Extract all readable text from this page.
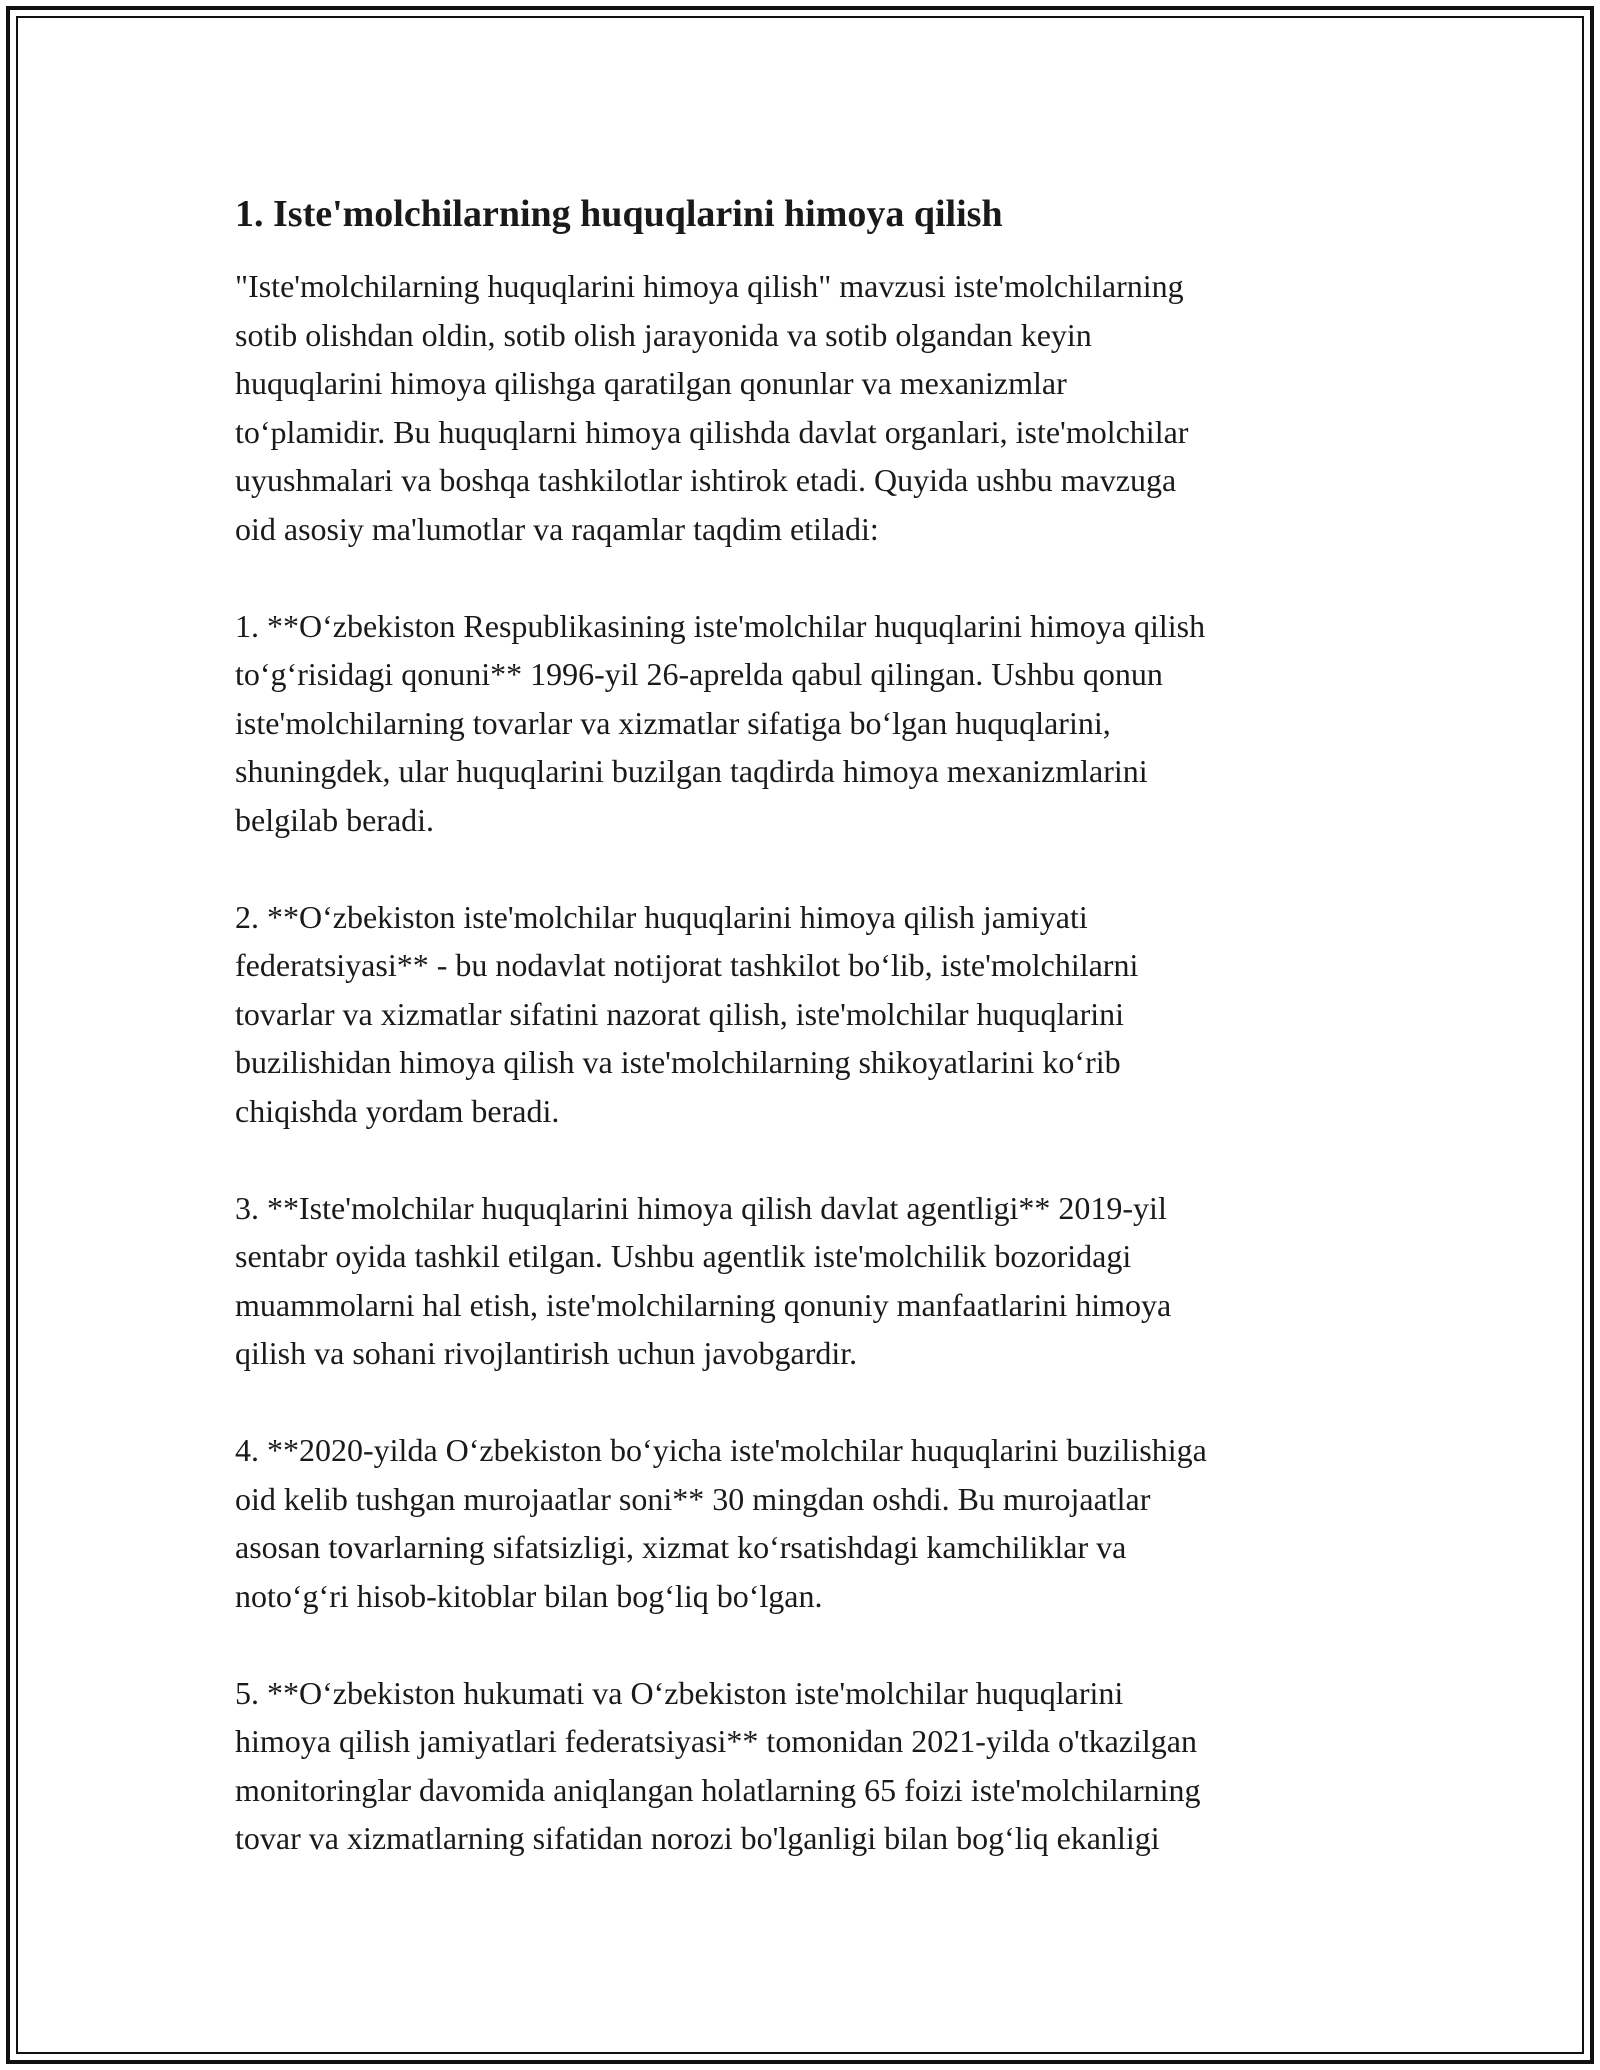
1. Iste'molchilarning huquqlarini himoya qilish
"Iste'molchilarning huquqlarini himoya qilish" mavzusi iste'molchilarning
sotib olishdan oldin, sotib olish jarayonida va sotib olgandan keyin
huquqlarini himoya qilishga qaratilgan qonunlar va mexanizmlar
to‘plamidir. Bu huquqlarni himoya qilishda davlat organlari, iste'molchilar
uyushmalari va boshqa tashkilotlar ishtirok etadi. Quyida ushbu mavzuga
oid asosiy ma'lumotlar va raqamlar taqdim etiladi:
1. **O‘zbekiston Respublikasining iste'molchilar huquqlarini himoya qilish
to‘g‘risidagi qonuni** 1996-yil 26-aprelda qabul qilingan. Ushbu qonun
iste'molchilarning tovarlar va xizmatlar sifatiga bo‘lgan huquqlarini,
shuningdek, ular huquqlarini buzilgan taqdirda himoya mexanizmlarini
belgilab beradi.
2. **O‘zbekiston iste'molchilar huquqlarini himoya qilish jamiyati
federatsiyasi** - bu nodavlat notijorat tashkilot bo‘lib, iste'molchilarni
tovarlar va xizmatlar sifatini nazorat qilish, iste'molchilar huquqlarini
buzilishidan himoya qilish va iste'molchilarning shikoyatlarini ko‘rib
chiqishda yordam beradi.
3. **Iste'molchilar huquqlarini himoya qilish davlat agentligi** 2019-yil
sentabr oyida tashkil etilgan. Ushbu agentlik iste'molchilik bozoridagi
muammolarni hal etish, iste'molchilarning qonuniy manfaatlarini himoya
qilish va sohani rivojlantirish uchun javobgardir.
4. **2020-yilda O‘zbekiston bo‘yicha iste'molchilar huquqlarini buzilishiga
oid kelib tushgan murojaatlar soni** 30 mingdan oshdi. Bu murojaatlar
asosan tovarlarning sifatsizligi, xizmat ko‘rsatishdagi kamchiliklar va
noto‘g‘ri hisob-kitoblar bilan bog‘liq bo‘lgan.
5. **O‘zbekiston hukumati va O‘zbekiston iste'molchilar huquqlarini
himoya qilish jamiyatlari federatsiyasi** tomonidan 2021-yilda o'tkazilgan
monitoringlar davomida aniqlangan holatlarning 65 foizi iste'molchilarning
tovar va xizmatlarning sifatidan norozi bo'lganligi bilan bog‘liq ekanligi
